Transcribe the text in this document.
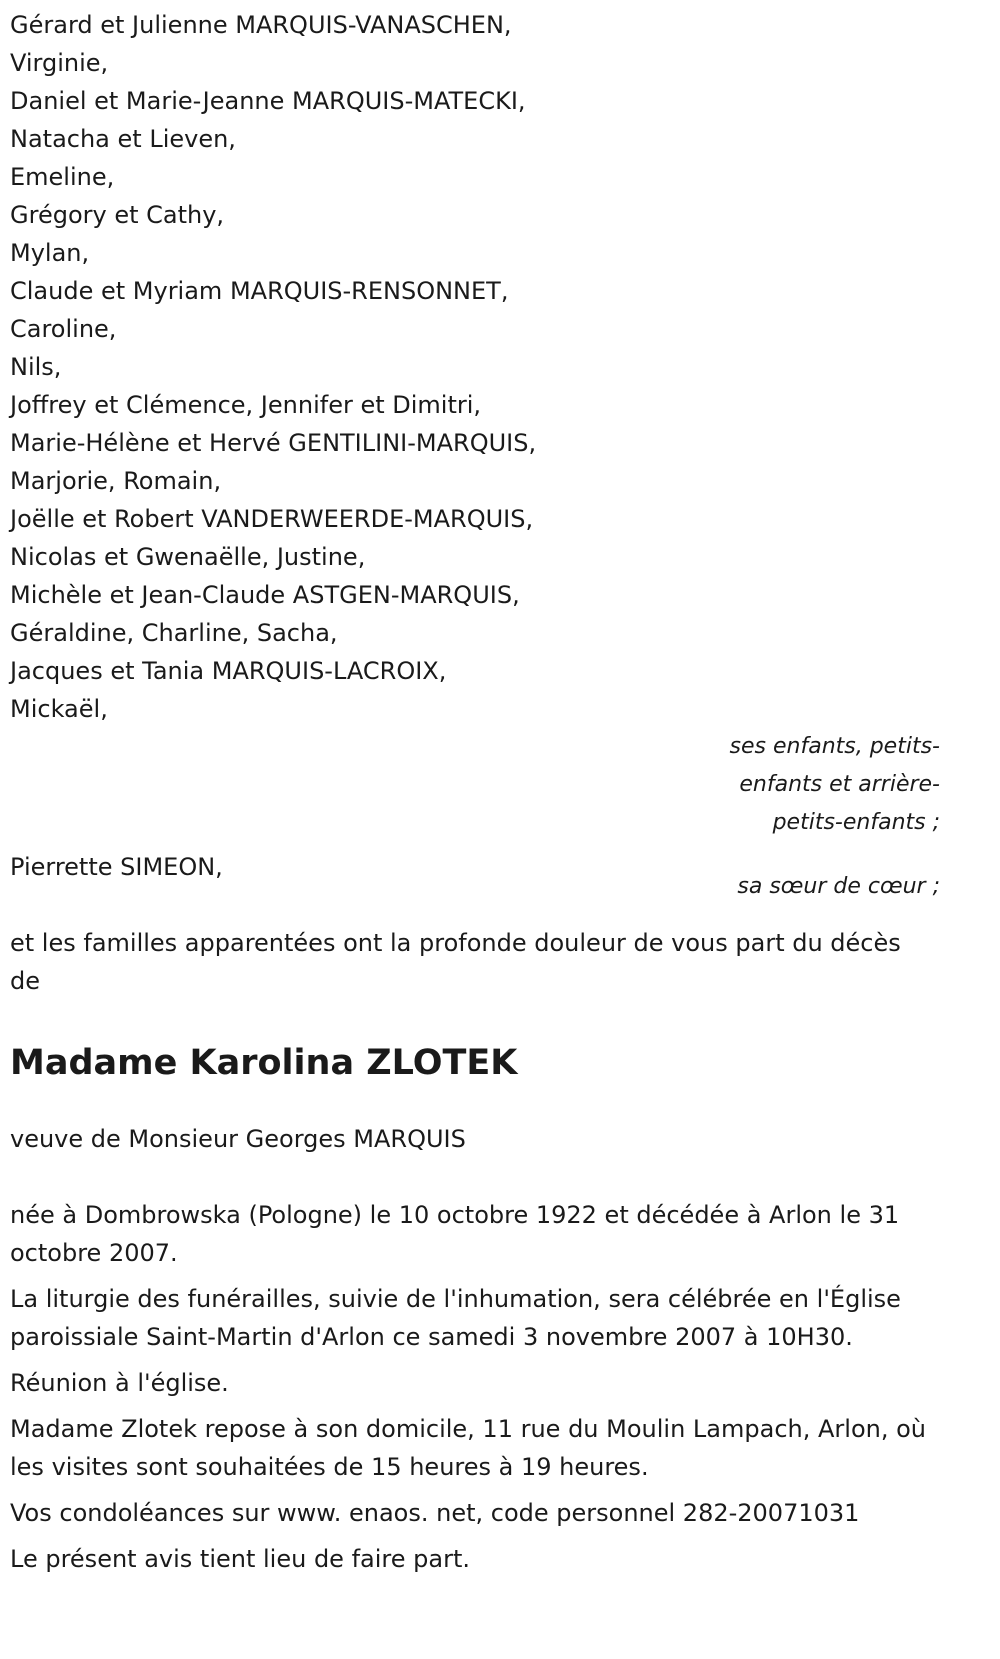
Gérard et Julienne MARQUIS-VANASCHEN,
Virginie,
Daniel et Marie-Jeanne MARQUIS-MATECKI,
Natacha et Lieven,
Emeline,
Grégory et Cathy,
Mylan,
Claude et Myriam MARQUIS-RENSONNET,
Caroline,
Nils,
Joffrey et Clémence, Jennifer et Dimitri,
Marie-Hélène et Hervé GENTILINI-MARQUIS,
Marjorie, Romain,
Joëlle et Robert VANDERWEERDE-MARQUIS,
Nicolas et Gwenaëlle, Justine,
Michèle et Jean-Claude ASTGEN-MARQUIS,
Géraldine, Charline, Sacha,
Jacques et Tania MARQUIS-LACROIX,
Mickaël,
ses enfants, petits-enfants et arrière-petits-enfants ;

Pierrette SIMEON,

sa sœur de cœur ;

et les familles apparentées ont la profonde douleur de vous part du décès de

Madame Karolina ZLOTEK

veuve de Monsieur Georges MARQUIS

née à Dombrowska (Pologne) le 10 octobre 1922 et décédée à Arlon le 31 octobre 2007.

La liturgie des funérailles, suivie de l'inhumation, sera célébrée en l'Église paroissiale Saint-Martin d'Arlon ce samedi 3 novembre 2007 à 10H30.

Réunion à l'église.

Madame Zlotek repose à son domicile, 11 rue du Moulin Lampach, Arlon, où les visites sont souhaitées de 15 heures à 19 heures.

Vos condoléances sur www. enaos. net, code personnel 282-20071031

Le présent avis tient lieu de faire part.
